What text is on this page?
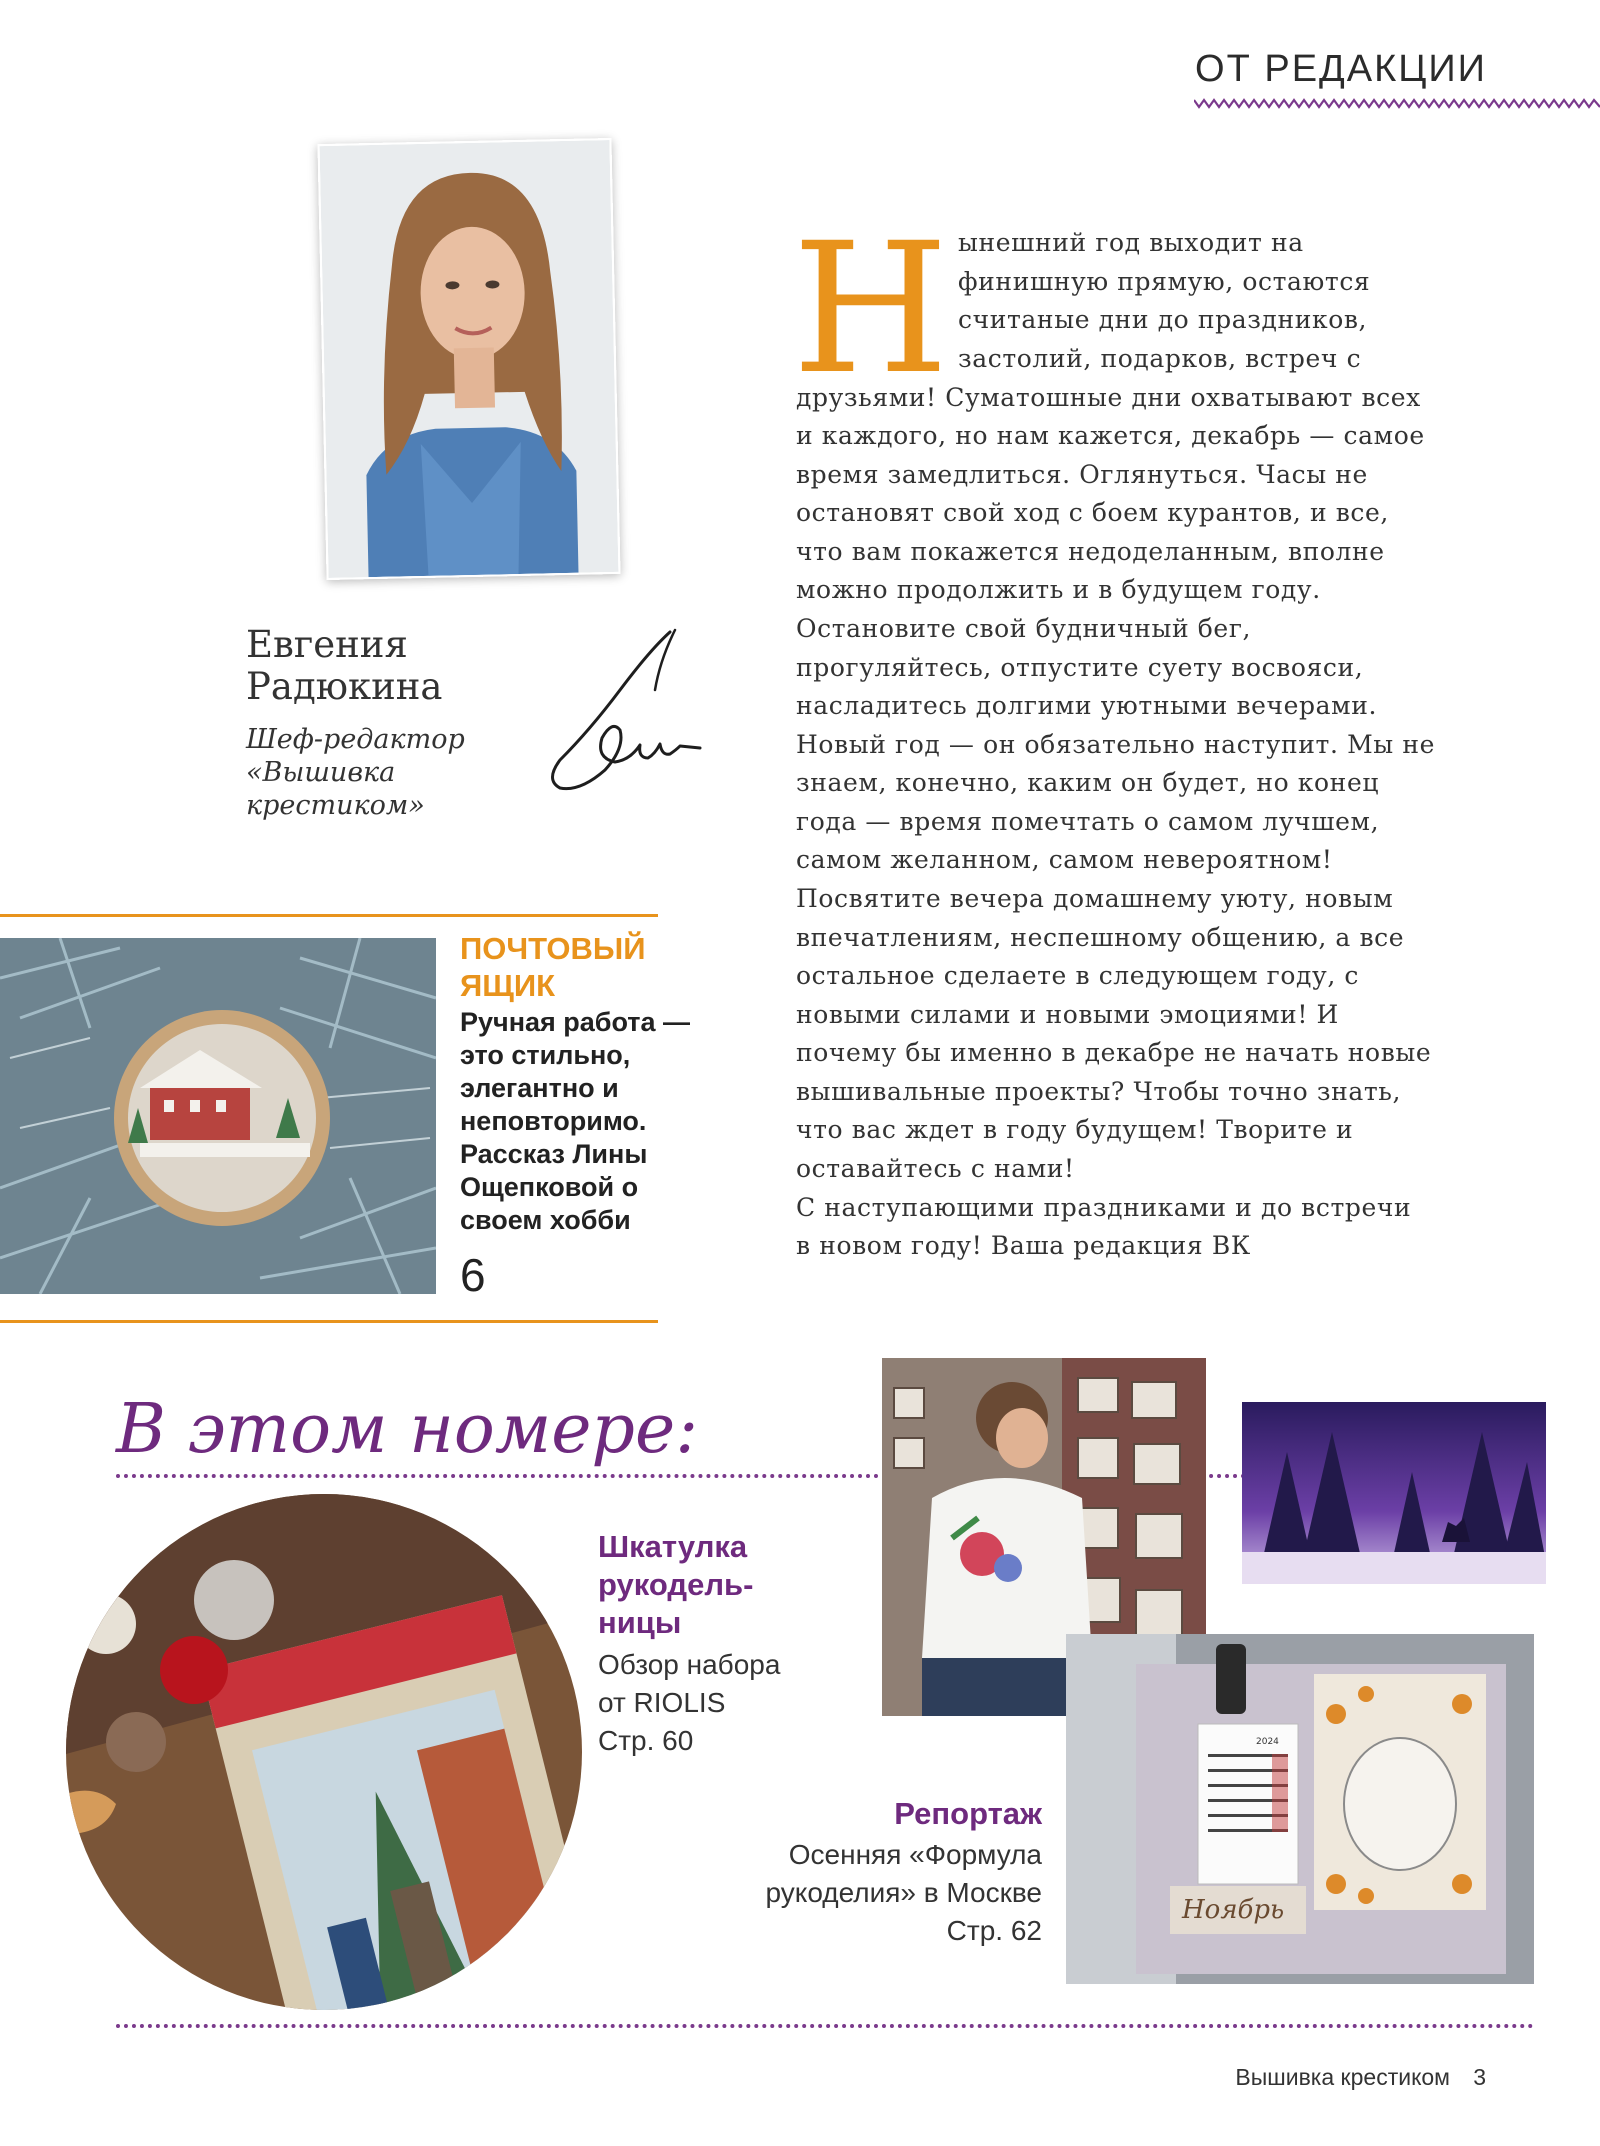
ОТ РЕДАКЦИИ
Евгения
Радюкина
Шеф-редактор
«Вышивка
крестиком»
Н ынешний год выходит на
финишную прямую, остаются
считаные дни до праздников,
застолий, подарков, встреч с
друзьями! Суматошные дни охватывают всех
и каждого, но нам кажется, декабрь — самое
время замедлиться. Оглянуться. Часы не
остановят свой ход с боем курантов, и все,
что вам покажется недоделанным, вполне
можно продолжить и в будущем году.
Остановите свой будничный бег,
прогуляйтесь, отпустите суету восвояси,
насладитесь долгими уютными вечерами.
Новый год — он обязательно наступит. Мы не
знаем, конечно, каким он будет, но конец
года — время помечтать о самом лучшем,
самом желанном, самом невероятном!
Посвятите вечера домашнему уюту, новым
впечатлениям, неспешному общению, а все
остальное сделаете в следующем году, с
новыми силами и новыми эмоциями! И
почему бы именно в декабре не начать новые
вышивальные проекты? Чтобы точно знать,
что вас ждет в году будущем! Творите и
оставайтесь с нами!
С наступающими праздниками и до встречи
в новом году! Ваша редакция ВК
ПОЧТОВЫЙ
ЯЩИК
Ручная работа —
это стильно,
элегантно и
неповторимо.
Рассказ Лины
Ощепковой о
своем хобби
6
В этом номере:
Шкатулка
рукодель-
ницы
Обзор набора
от RIOLIS
Стр. 60
Репортаж
Осенняя «Формула
рукоделия» в Москве
Стр. 62
Ноябрь
2024
Вышивка крестиком 3
